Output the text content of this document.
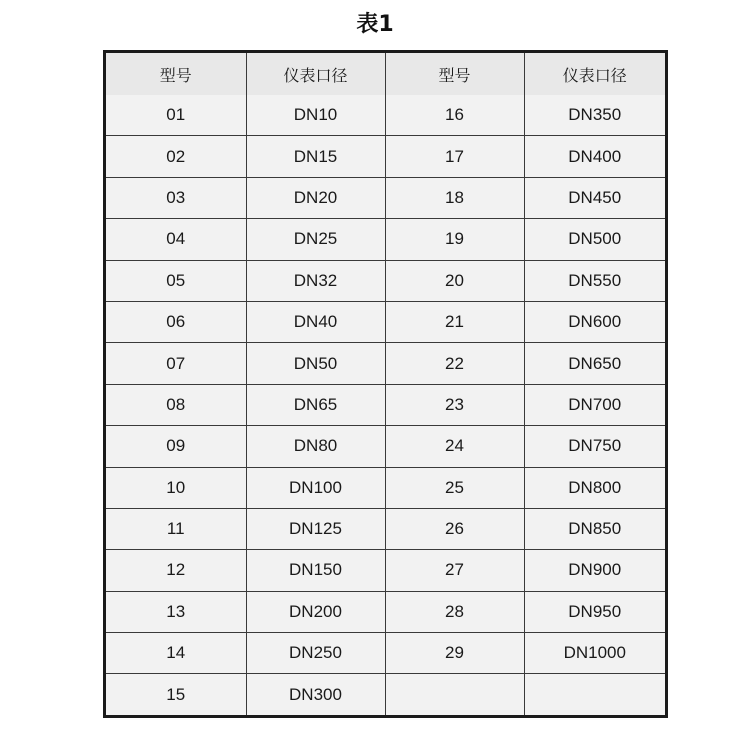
表1
型号	仪表口径	型号	仪表口径
01	DN10	16	DN350
02	DN15	17	DN400
03	DN20	18	DN450
04	DN25	19	DN500
05	DN32	20	DN550
06	DN40	21	DN600
07	DN50	22	DN650
08	DN65	23	DN700
09	DN80	24	DN750
10	DN100	25	DN800
11	DN125	26	DN850
12	DN150	27	DN900
13	DN200	28	DN950
14	DN250	29	DN1000
15	DN300		
